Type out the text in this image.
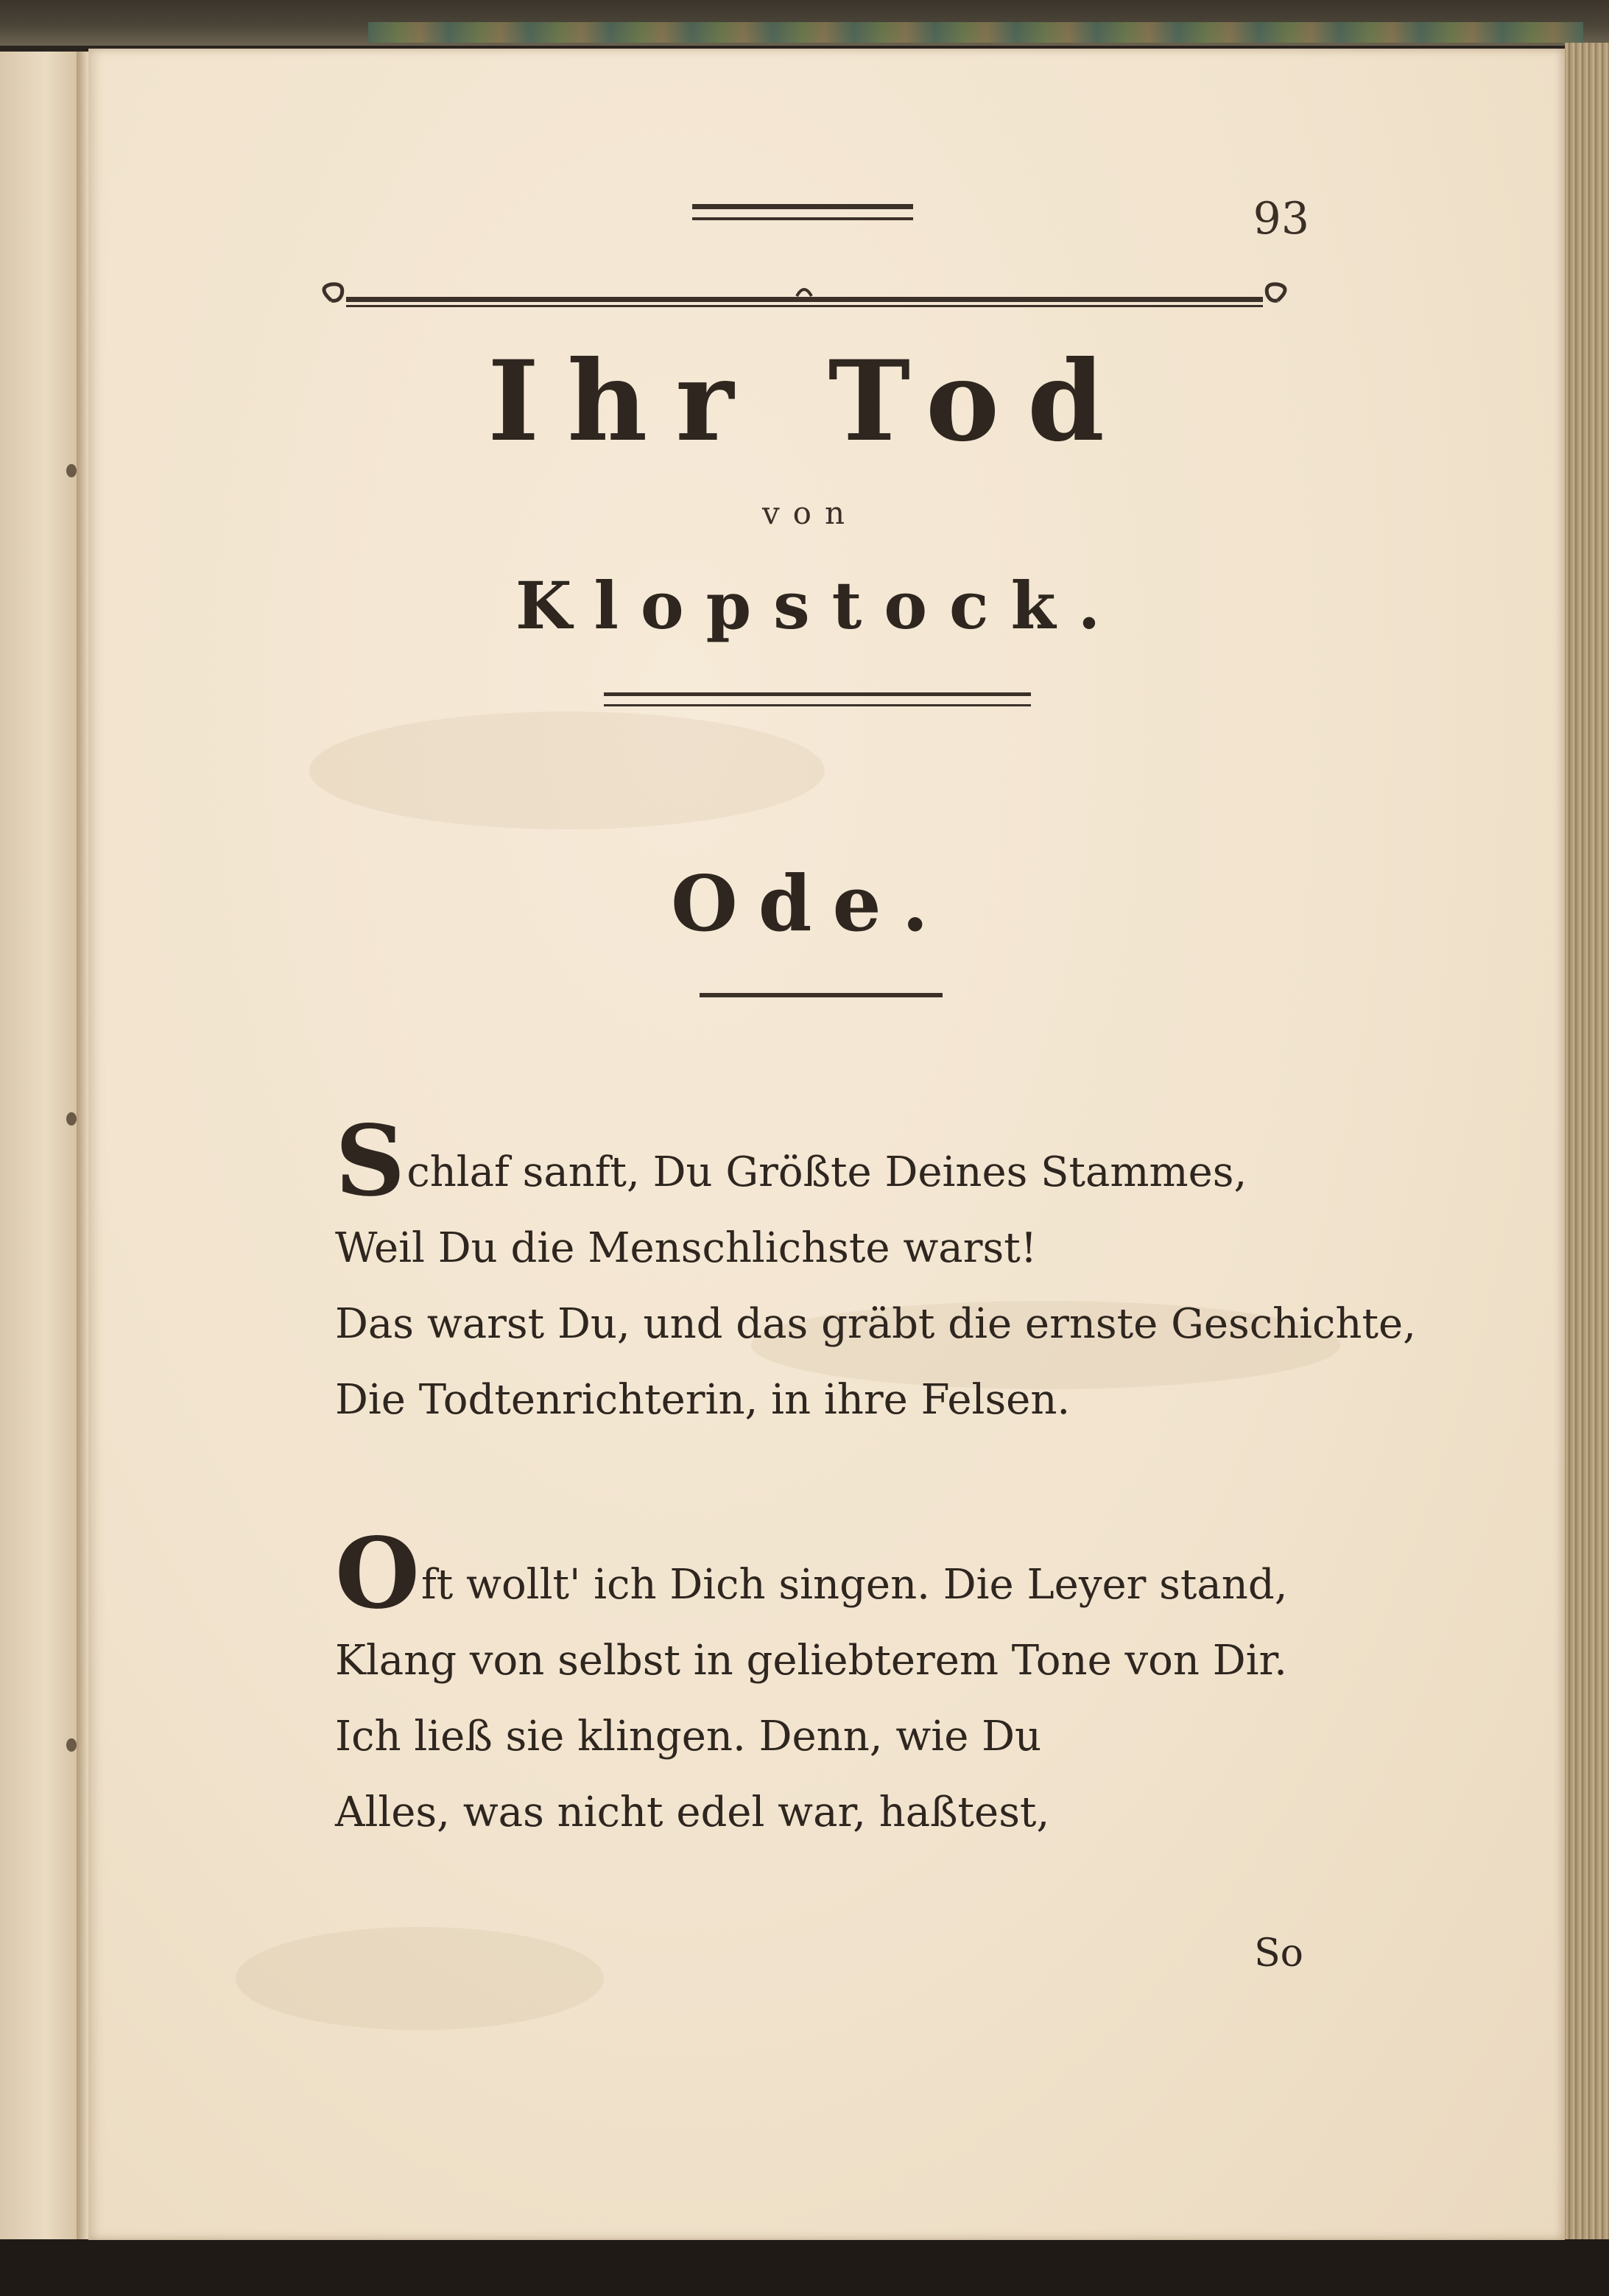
93
Ihr Tod
von
Klopstock.
Ode.
Schlaf sanft, Du Größte Deines Stammes,
Weil Du die Menschlichste warst!
Das warst Du, und das gräbt die ernste Geschichte,
Die Todtenrichterin, in ihre Felsen.
Oft wollt' ich Dich singen. Die Leyer stand,
Klang von selbst in geliebterem Tone von Dir.
Ich ließ sie klingen. Denn, wie Du
Alles, was nicht edel war, haßtest,
So
